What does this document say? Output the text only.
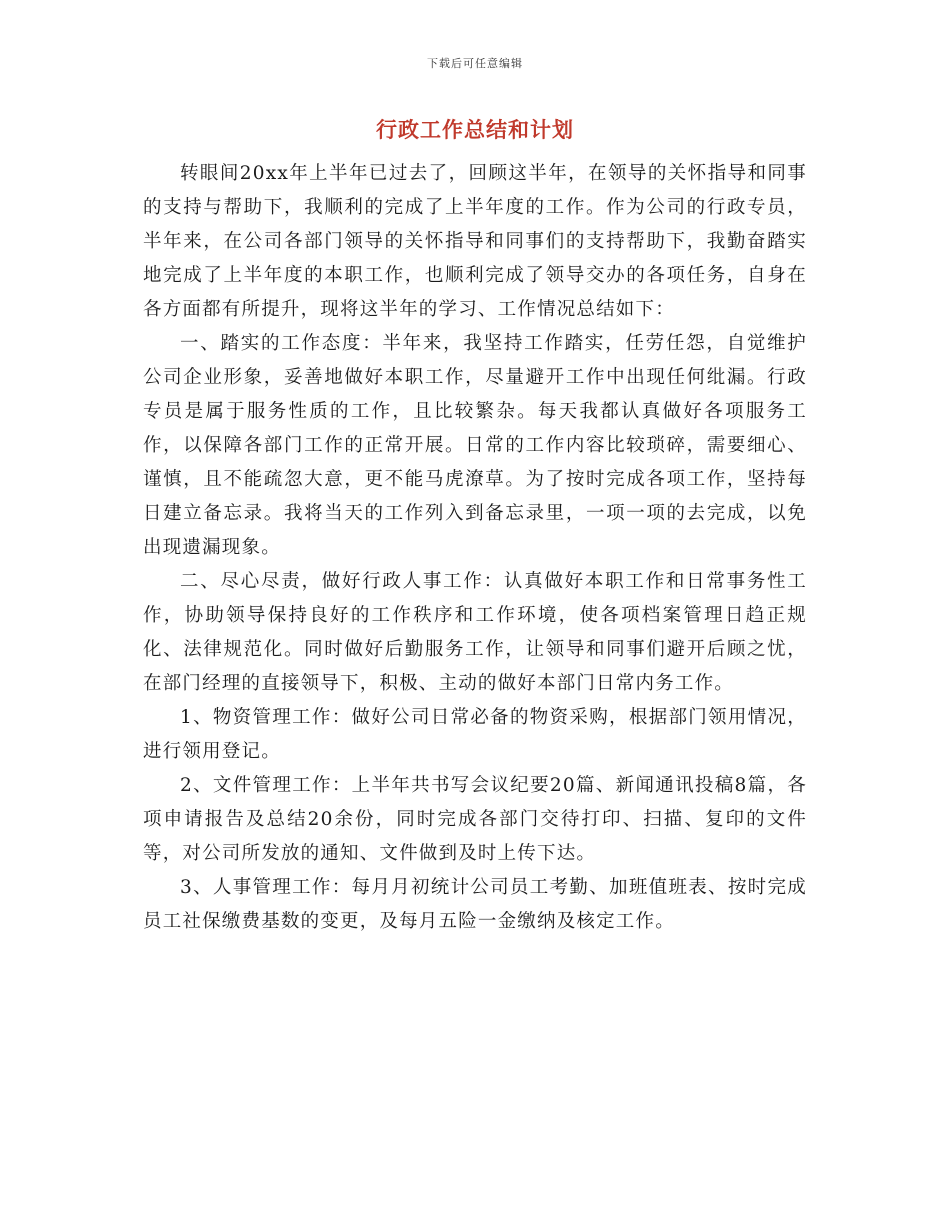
下载后可任意编辑
行政工作总结和计划

转眼间20xx年上半年已过去了，回顾这半年，在领导的关怀指导和同事的支持与帮助下，我顺利的完成了上半年度的工作。作为公司的行政专员，半年来，在公司各部门领导的关怀指导和同事们的支持帮助下，我勤奋踏实地完成了上半年度的本职工作，也顺利完成了领导交办的各项任务，自身在各方面都有所提升，现将这半年的学习、工作情况总结如下：

一、踏实的工作态度：半年来，我坚持工作踏实，任劳任怨，自觉维护公司企业形象，妥善地做好本职工作，尽量避开工作中出现任何纰漏。行政专员是属于服务性质的工作，且比较繁杂。每天我都认真做好各项服务工作，以保障各部门工作的正常开展。日常的工作内容比较琐碎，需要细心、谨慎，且不能疏忽大意，更不能马虎潦草。为了按时完成各项工作，坚持每日建立备忘录。我将当天的工作列入到备忘录里，一项一项的去完成，以免出现遗漏现象。

二、尽心尽责，做好行政人事工作：认真做好本职工作和日常事务性工作，协助领导保持良好的工作秩序和工作环境，使各项档案管理日趋正规化、法律规范化。同时做好后勤服务工作，让领导和同事们避开后顾之忧，在部门经理的直接领导下，积极、主动的做好本部门日常内务工作。

1、物资管理工作：做好公司日常必备的物资采购，根据部门领用情况，进行领用登记。

2、文件管理工作：上半年共书写会议纪要20篇、新闻通讯投稿8篇，各项申请报告及总结20余份，同时完成各部门交待打印、扫描、复印的文件等，对公司所发放的通知、文件做到及时上传下达。

3、人事管理工作：每月月初统计公司员工考勤、加班值班表、按时完成员工社保缴费基数的变更，及每月五险一金缴纳及核定工作。
